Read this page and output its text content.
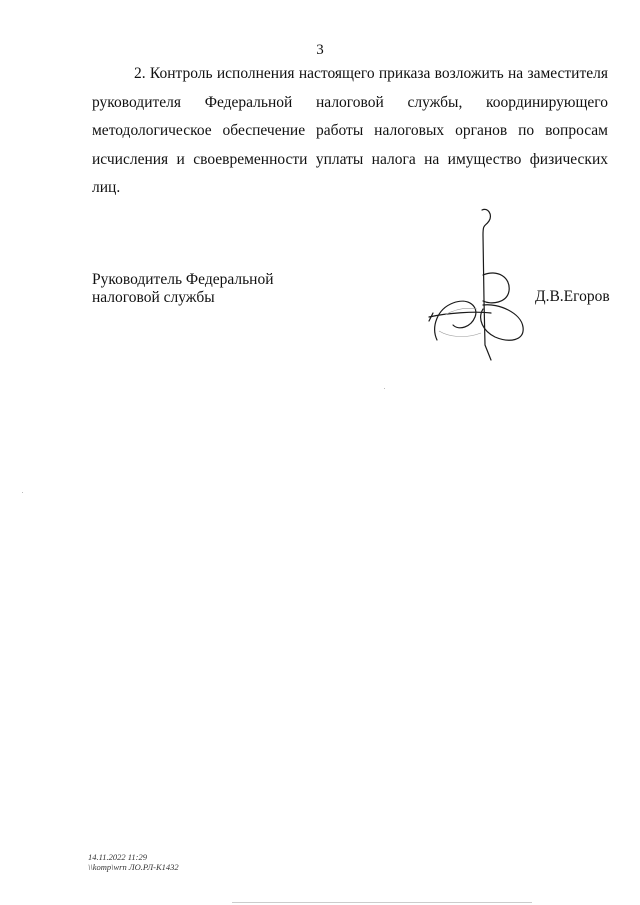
3
2. Контроль исполнения настоящего приказа возложить на заместителя
руководителя Федеральной налоговой службы, координирующего
методологическое обеспечение работы налоговых органов по вопросам
исчисления и своевременности уплаты налога на имущество физических лиц.
Руководитель Федеральной
налоговой службы	Д.В.Егоров
14.11.2022 11:29
\\komp\wrn ЛО.РЛ-К1432
